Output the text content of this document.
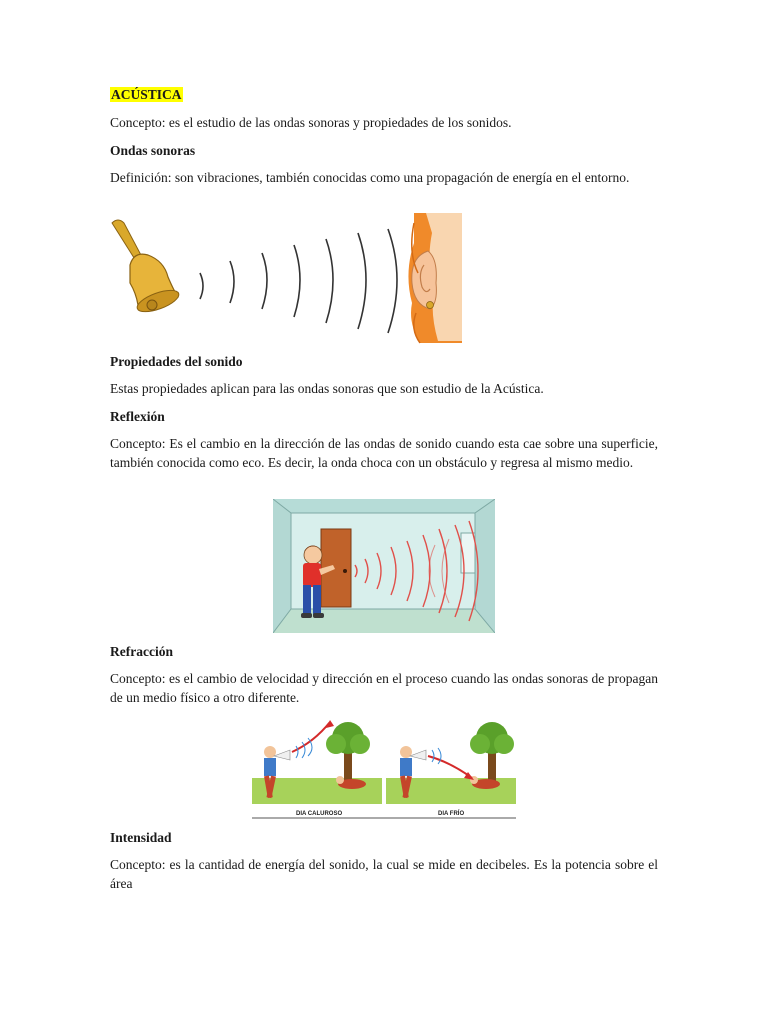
ACÚSTICA
Concepto: es el estudio de las ondas sonoras y propiedades de los sonidos.
Ondas sonoras
Definición: son vibraciones, también conocidas como una propagación de energía en el entorno.
Propiedades del sonido
Estas propiedades aplican para las ondas sonoras que son estudio de la Acústica.
Reflexión
Concepto: Es el cambio en la dirección de las ondas de sonido cuando esta cae sobre una superficie, también conocida como eco. Es decir, la onda choca con un obstáculo y regresa al mismo medio.
Refracción
Concepto: es el cambio de velocidad y dirección en el proceso cuando las ondas sonoras de propagan de un medio físico a otro diferente.
DIA CALUROSO	DIA FRÍO
Intensidad
Concepto: es la cantidad de energía del sonido, la cual se mide en decibeles. Es la potencia sobre el área
